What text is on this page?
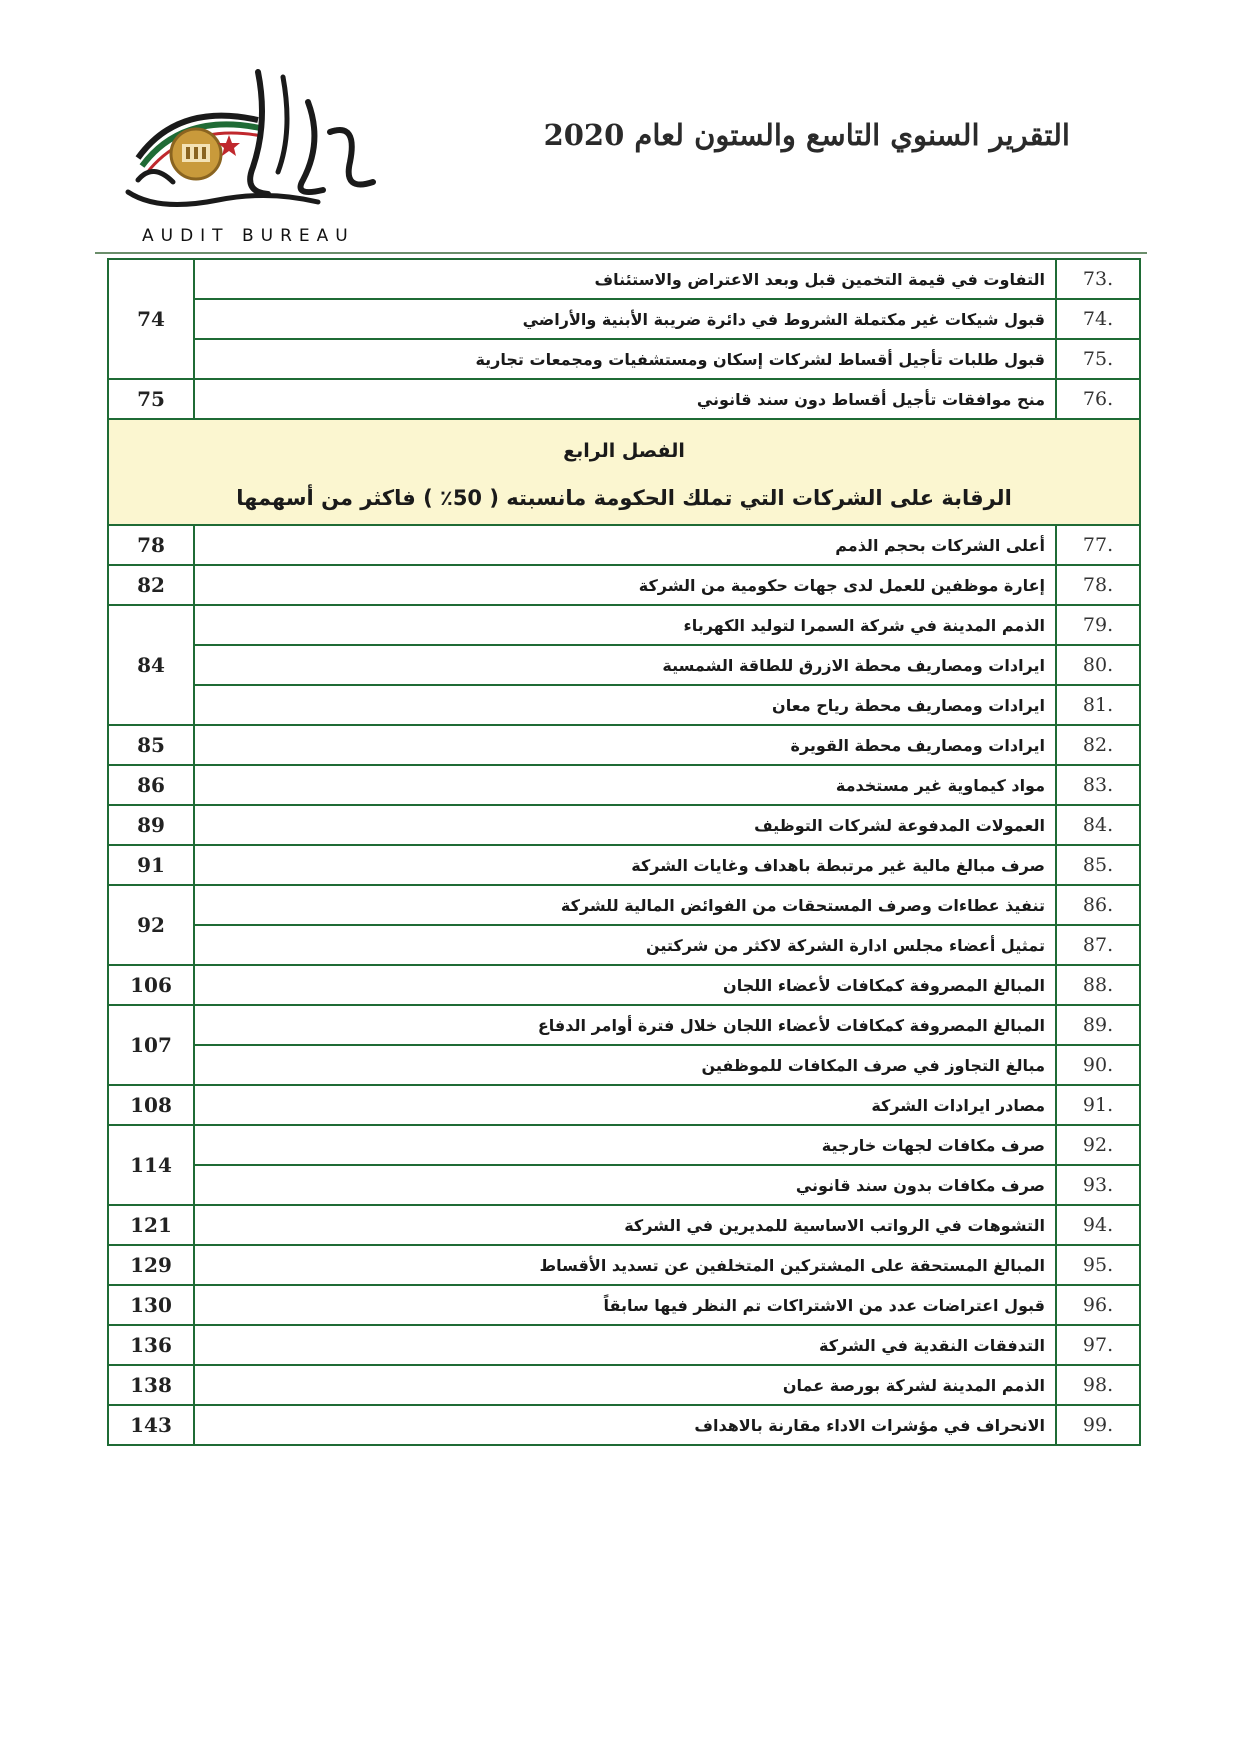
AUDIT BUREAU
التقرير السنوي التاسع والستون لعام 2020
.73	التفاوت في قيمة التخمين قبل وبعد الاعتراض والاستئناف	74
.74	قبول شيكات غير مكتملة الشروط في دائرة ضريبة الأبنية والأراضي	
.75	قبول طلبات تأجيل أقساط لشركات إسكان ومستشفيات ومجمعات تجارية	
.76	منح موافقات تأجيل أقساط دون سند قانوني	75

الفصل الرابع
الرقابة على الشركات التي تملك الحكومة مانسبته ( 50٪ ) فاكثر من أسهمها		

.77	أعلى الشركات بحجم الذمم	78
.78	إعارة موظفين للعمل لدى جهات حكومية من الشركة	82
.79	الذمم المدينة في شركة السمرا لتوليد الكهرباء	84
.80	ايرادات ومصاريف محطة الازرق للطاقة الشمسية	
.81	ايرادات ومصاريف محطة رياح معان	
.82	ايرادات ومصاريف محطة القويرة	85
.83	مواد كيماوية غير مستخدمة	86
.84	العمولات المدفوعة لشركات التوظيف	89
.85	صرف مبالغ مالية غير مرتبطة باهداف وغايات الشركة	91
.86	تنفيذ عطاءات وصرف المستحقات من الفوائض المالية للشركة	92
.87	تمثيل أعضاء مجلس ادارة الشركة لاكثر من شركتين	
.88	المبالغ المصروفة كمكافات لأعضاء اللجان	106
.89	المبالغ المصروفة كمكافات لأعضاء اللجان خلال فترة أوامر الدفاع	107
.90	مبالغ التجاوز في صرف المكافات للموظفين	
.91	مصادر ايرادات الشركة	108
.92	صرف مكافات لجهات خارجية	114
.93	صرف مكافات بدون سند قانوني	
.94	التشوهات في الرواتب الاساسية للمديرين في الشركة	121
.95	المبالغ المستحقة على المشتركين المتخلفين عن تسديد الأقساط	129
.96	قبول اعتراضات عدد من الاشتراكات تم النظر فيها سابقاً	130
.97	التدفقات النقدية في الشركة	136
.98	الذمم المدينة لشركة بورصة عمان	138
.99	الانحراف في مؤشرات الاداء مقارنة بالاهداف	143
